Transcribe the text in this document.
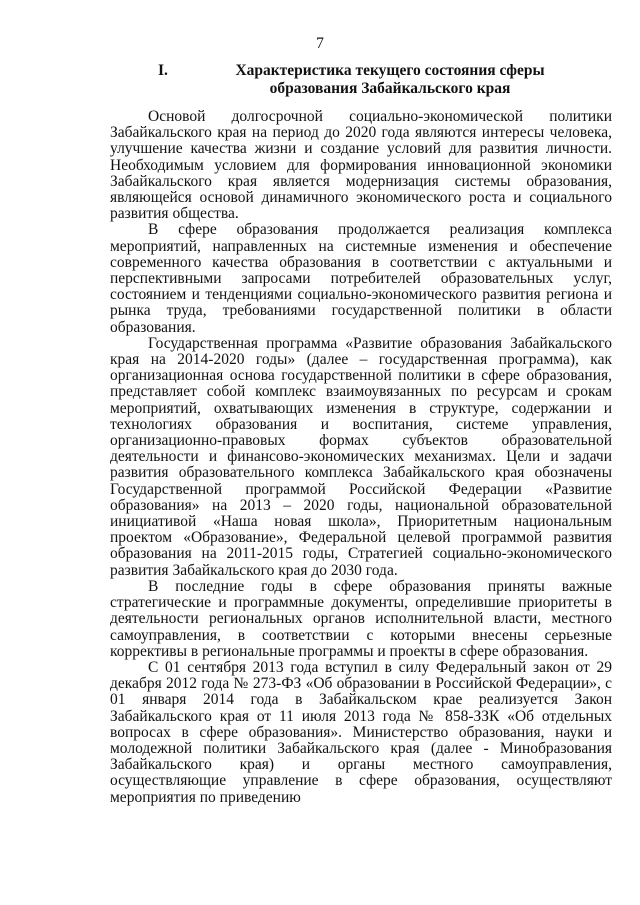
7
I.	Характеристика текущего состояния сферы образования Забайкальского края

Основой долгосрочной социально-экономической политики Забайкальского края на период до 2020 года являются интересы человека, улучшение качества жизни и создание условий для развития личности. Необходимым условием для формирования инновационной экономики Забайкальского края является модернизация системы образования, являющейся основой динамичного экономического роста и социального развития общества.

В сфере образования продолжается реализация комплекса мероприятий, направленных на системные изменения и обеспечение современного качества образования в соответствии с актуальными и перспективными запросами потребителей образовательных услуг, состоянием и тенденциями социально-экономического развития региона и рынка труда, требованиями государственной политики в области образования.

Государственная программа «Развитие образования Забайкальского края на 2014-2020 годы» (далее – государственная программа), как организационная основа государственной политики в сфере образования, представляет собой комплекс взаимоувязанных по ресурсам и срокам мероприятий, охватывающих изменения в структуре, содержании и технологиях образования и воспитания, системе управления, организационно-правовых формах субъектов образовательной деятельности и финансово-экономических механизмах. Цели и задачи развития образовательного комплекса Забайкальского края обозначены Государственной программой Российской Федерации «Развитие образования» на 2013 – 2020 годы, национальной образовательной инициативой «Наша новая школа», Приоритетным национальным проектом «Образование», Федеральной целевой программой развития образования на 2011-2015 годы, Стратегией социально-экономического развития Забайкальского края до 2030 года.

В последние годы в сфере образования приняты важные стратегические и программные документы, определившие приоритеты в деятельности региональных органов исполнительной власти, местного самоуправления, в соответствии с которыми внесены серьезные коррективы в региональные программы и проекты в сфере образования.

С 01 сентября 2013 года вступил в силу Федеральный закон от 29 декабря 2012 года № 273-ФЗ «Об образовании в Российской Федерации», с 01 января 2014 года в Забайкальском крае реализуется Закон Забайкальского края от 11 июля 2013 года № 858-ЗЗК «Об отдельных вопросах в сфере образования». Министерство образования, науки и молодежной политики Забайкальского края (далее - Минобразования Забайкальского края) и органы местного самоуправления, осуществляющие управление в сфере образования, осуществляют мероприятия по приведению
